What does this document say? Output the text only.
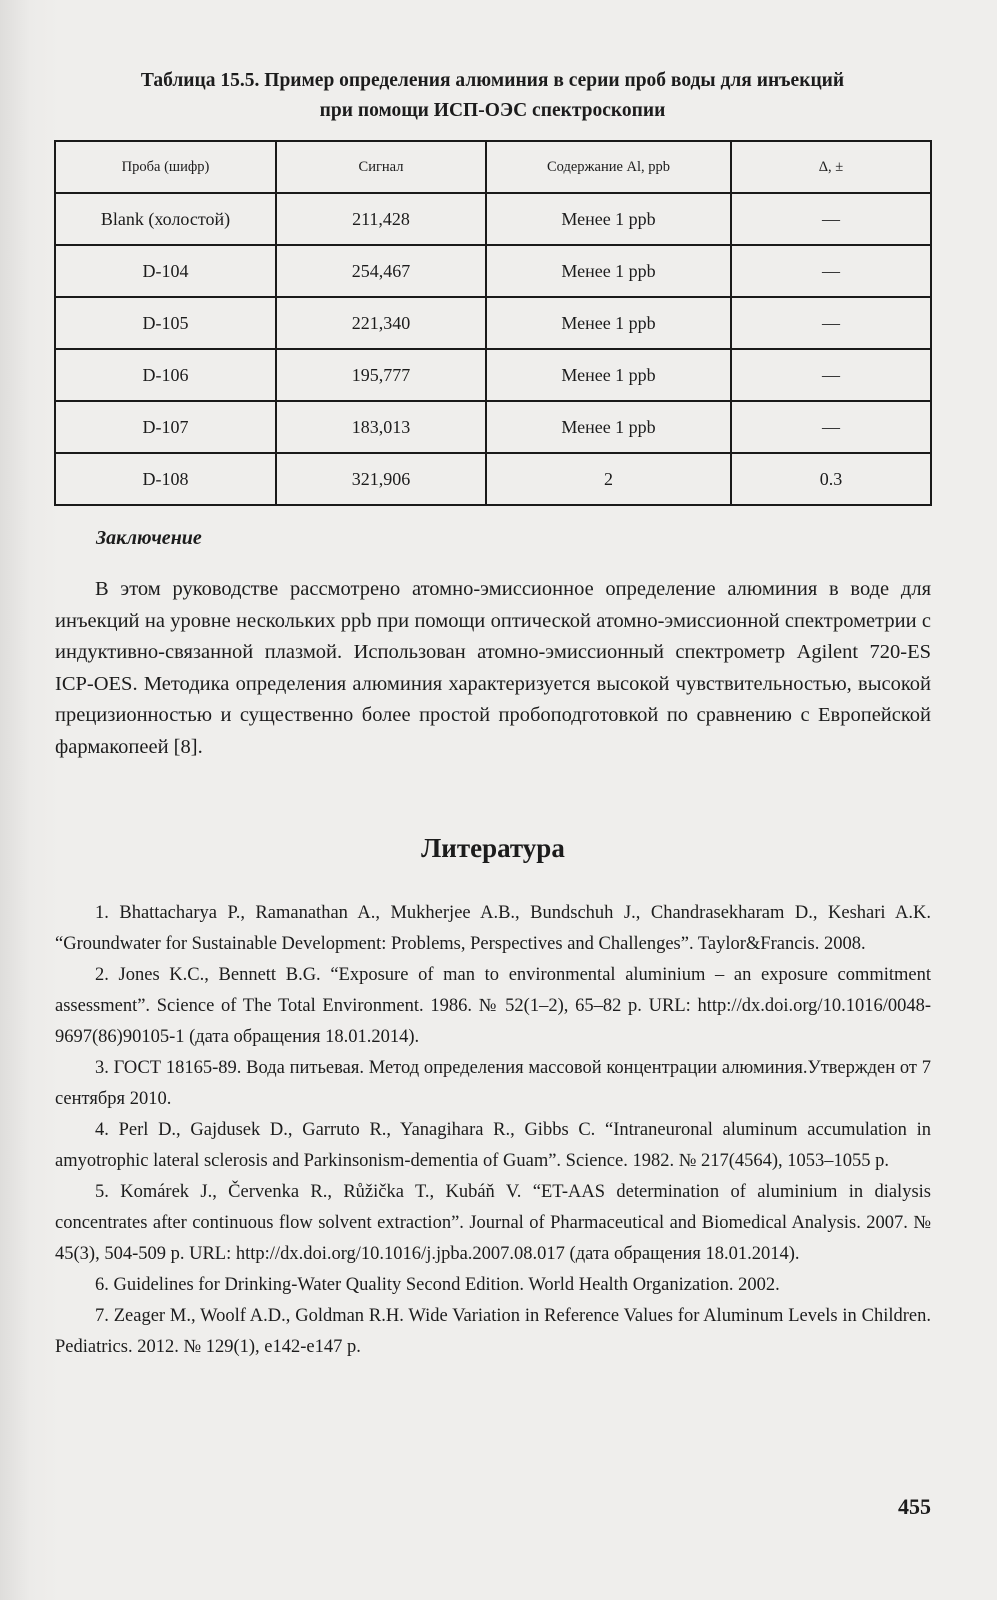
Таблица 15.5. Пример определения алюминия в серии проб воды для инъекций
при помощи ИСП-ОЭС спектроскопии
Проба (шифр)	Сигнал	Содержание Al, ppb	Δ, ±
Blank (холостой)	211,428	Менее 1 ppb	—
D-104	254,467	Менее 1 ppb	—
D-105	221,340	Менее 1 ppb	—
D-106	195,777	Менее 1 ppb	—
D-107	183,013	Менее 1 ppb	—
D-108	321,906	2	0.3
Заключение

В этом руководстве рассмотрено атомно-эмиссионное определение алюминия в воде для инъекций на уровне нескольких ppb при помощи оптической атомно-эмиссионной спектрометрии с индуктивно-связанной плазмой. Использован атомно-эмиссионный спектрометр Agilent 720-ES ICP-OES. Методика определения алюминия характеризуется высокой чувствительностью, высокой прецизионностью и существенно более простой пробоподготовкой по сравнению с Европейской фармакопеей [8].

Литература
1. Bhattacharya P., Ramanathan A., Mukherjee A.B., Bundschuh J., Chandrasekharam D., Keshari A.K. “Groundwater for Sustainable Development: Problems, Perspectives and Challenges”. Taylor&Francis. 2008.
2. Jones K.C., Bennett B.G. “Exposure of man to environmental aluminium – an exposure commitment assessment”. Science of The Total Environment. 1986. № 52(1–2), 65–82 p. URL: http://dx.doi.org/10.1016/0048-9697(86)90105-1 (дата обращения 18.01.2014).
3. ГОСТ 18165-89. Вода питьевая. Метод определения массовой концентрации алюминия.Утвержден от 7 сентября 2010.
4. Perl D., Gajdusek D., Garruto R., Yanagihara R., Gibbs C. “Intraneuronal aluminum accumulation in amyotrophic lateral sclerosis and Parkinsonism-dementia of Guam”. Science. 1982. № 217(4564), 1053–1055 p.
5. Komárek J., Červenka R., Růžička T., Kubáň V. “ET-AAS determination of aluminium in dialysis concentrates after continuous flow solvent extraction”. Journal of Pharmaceutical and Biomedical Analysis. 2007. № 45(3), 504-509 p. URL: http://dx.doi.org/10.1016/j.jpba.2007.08.017 (дата обращения 18.01.2014).
6. Guidelines for Drinking-Water Quality Second Edition. World Health Organization. 2002.
7. Zeager M., Woolf A.D., Goldman R.H. Wide Variation in Reference Values for Aluminum Levels in Children. Pediatrics. 2012. № 129(1), e142-e147 p.
455
